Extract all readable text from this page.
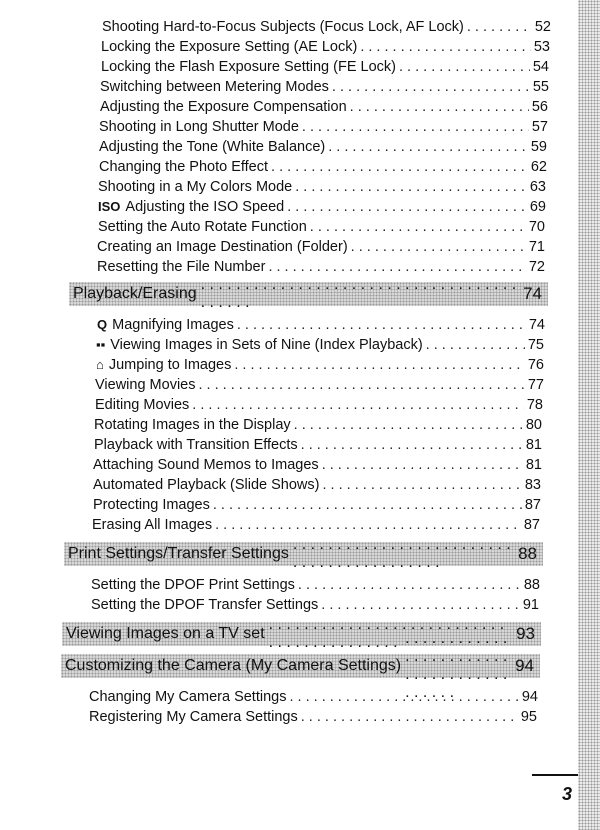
Shooting Hard-to-Focus Subjects (Focus Lock, AF Lock) . . .	52
Locking the Exposure Setting (AE Lock) . . .	53
Locking the Flash Exposure Setting (FE Lock) . . .	54
Switching between Metering Modes . . .	55
Adjusting the Exposure Compensation . . .	56
Shooting in Long Shutter Mode . . .	57
Adjusting the Tone (White Balance) . . .	59
Changing the Photo Effect . . .	62
Shooting in a My Colors Mode . . .	63
ISO Adjusting the ISO Speed . . .	69
Setting the Auto Rotate Function . . .	70
Creating an Image Destination (Folder) . . .	71
Resetting the File Number . . .	72
Playback/Erasing . . .	74
Q Magnifying Images . . .	74
▪▪ Viewing Images in Sets of Nine (Index Playback) . . .	75
⌂ Jumping to Images . . .	76
Viewing Movies . . .	77
Editing Movies . . .	78
Rotating Images in the Display . . .	80
Playback with Transition Effects . . .	81
Attaching Sound Memos to Images . . .	81
Automated Playback (Slide Shows) . . .	83
Protecting Images . . .	87
Erasing All Images . . .	87
Print Settings/Transfer Settings . . .	88
Setting the DPOF Print Settings . . .	88
Setting the DPOF Transfer Settings . . .	91
Viewing Images on a TV set . . .	93
Customizing the Camera (My Camera Settings) . . .	94
Changing My Camera Settings . . .	94
Registering My Camera Settings . . .	95
3
